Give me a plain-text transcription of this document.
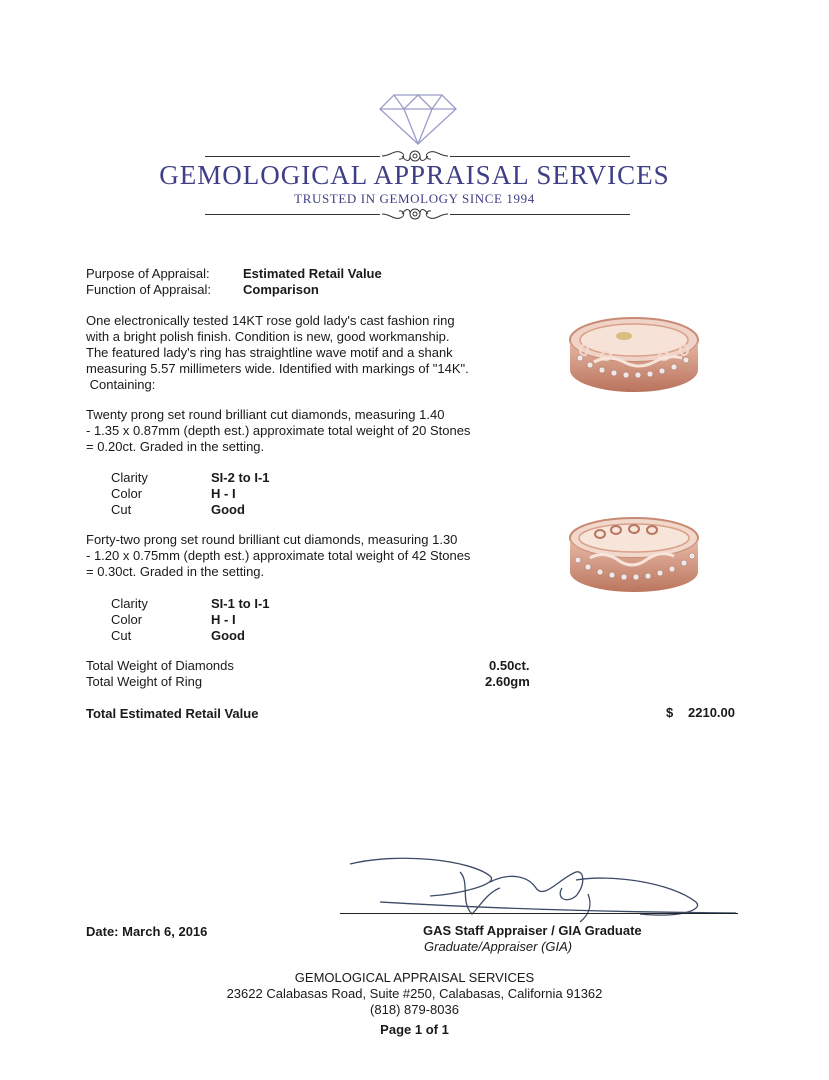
GEMOLOGICAL APPRAISAL SERVICES
TRUSTED IN GEMOLOGY SINCE 1994
Purpose of Appraisal:	Estimated Retail Value
Function of Appraisal: Comparison
One electronically tested 14KT rose gold lady's cast fashion ring
with a bright polish finish. Condition is new, good workmanship.
The featured lady's ring has straightline wave motif and a shank
measuring 5.57 millimeters wide. Identified with markings of "14K".
Containing:
Twenty prong set round brilliant cut diamonds, measuring 1.40
- 1.35 x 0.87mm (depth est.) approximate total weight of 20 Stones
= 0.20ct. Graded in the setting.
Clarity	SI-2 to I-1
Color	H - I
Cut	Good
Forty-two prong set round brilliant cut diamonds, measuring 1.30
- 1.20 x 0.75mm (depth est.) approximate total weight of 42 Stones
= 0.30ct. Graded in the setting.
Clarity	SI-1 to I-1
Color	H - I
Cut	Good
Total Weight of Diamonds	0.50ct.
Total Weight of Ring	2.60gm
Total Estimated Retail Value	$ 2210.00
Date: March 6, 2016	GAS Staff Appraiser / GIA Graduate
Graduate/Appraiser (GIA)
GEMOLOGICAL APPRAISAL SERVICES
23622 Calabasas Road, Suite #250, Calabasas, California 91362
(818) 879-8036
Page 1 of 1
